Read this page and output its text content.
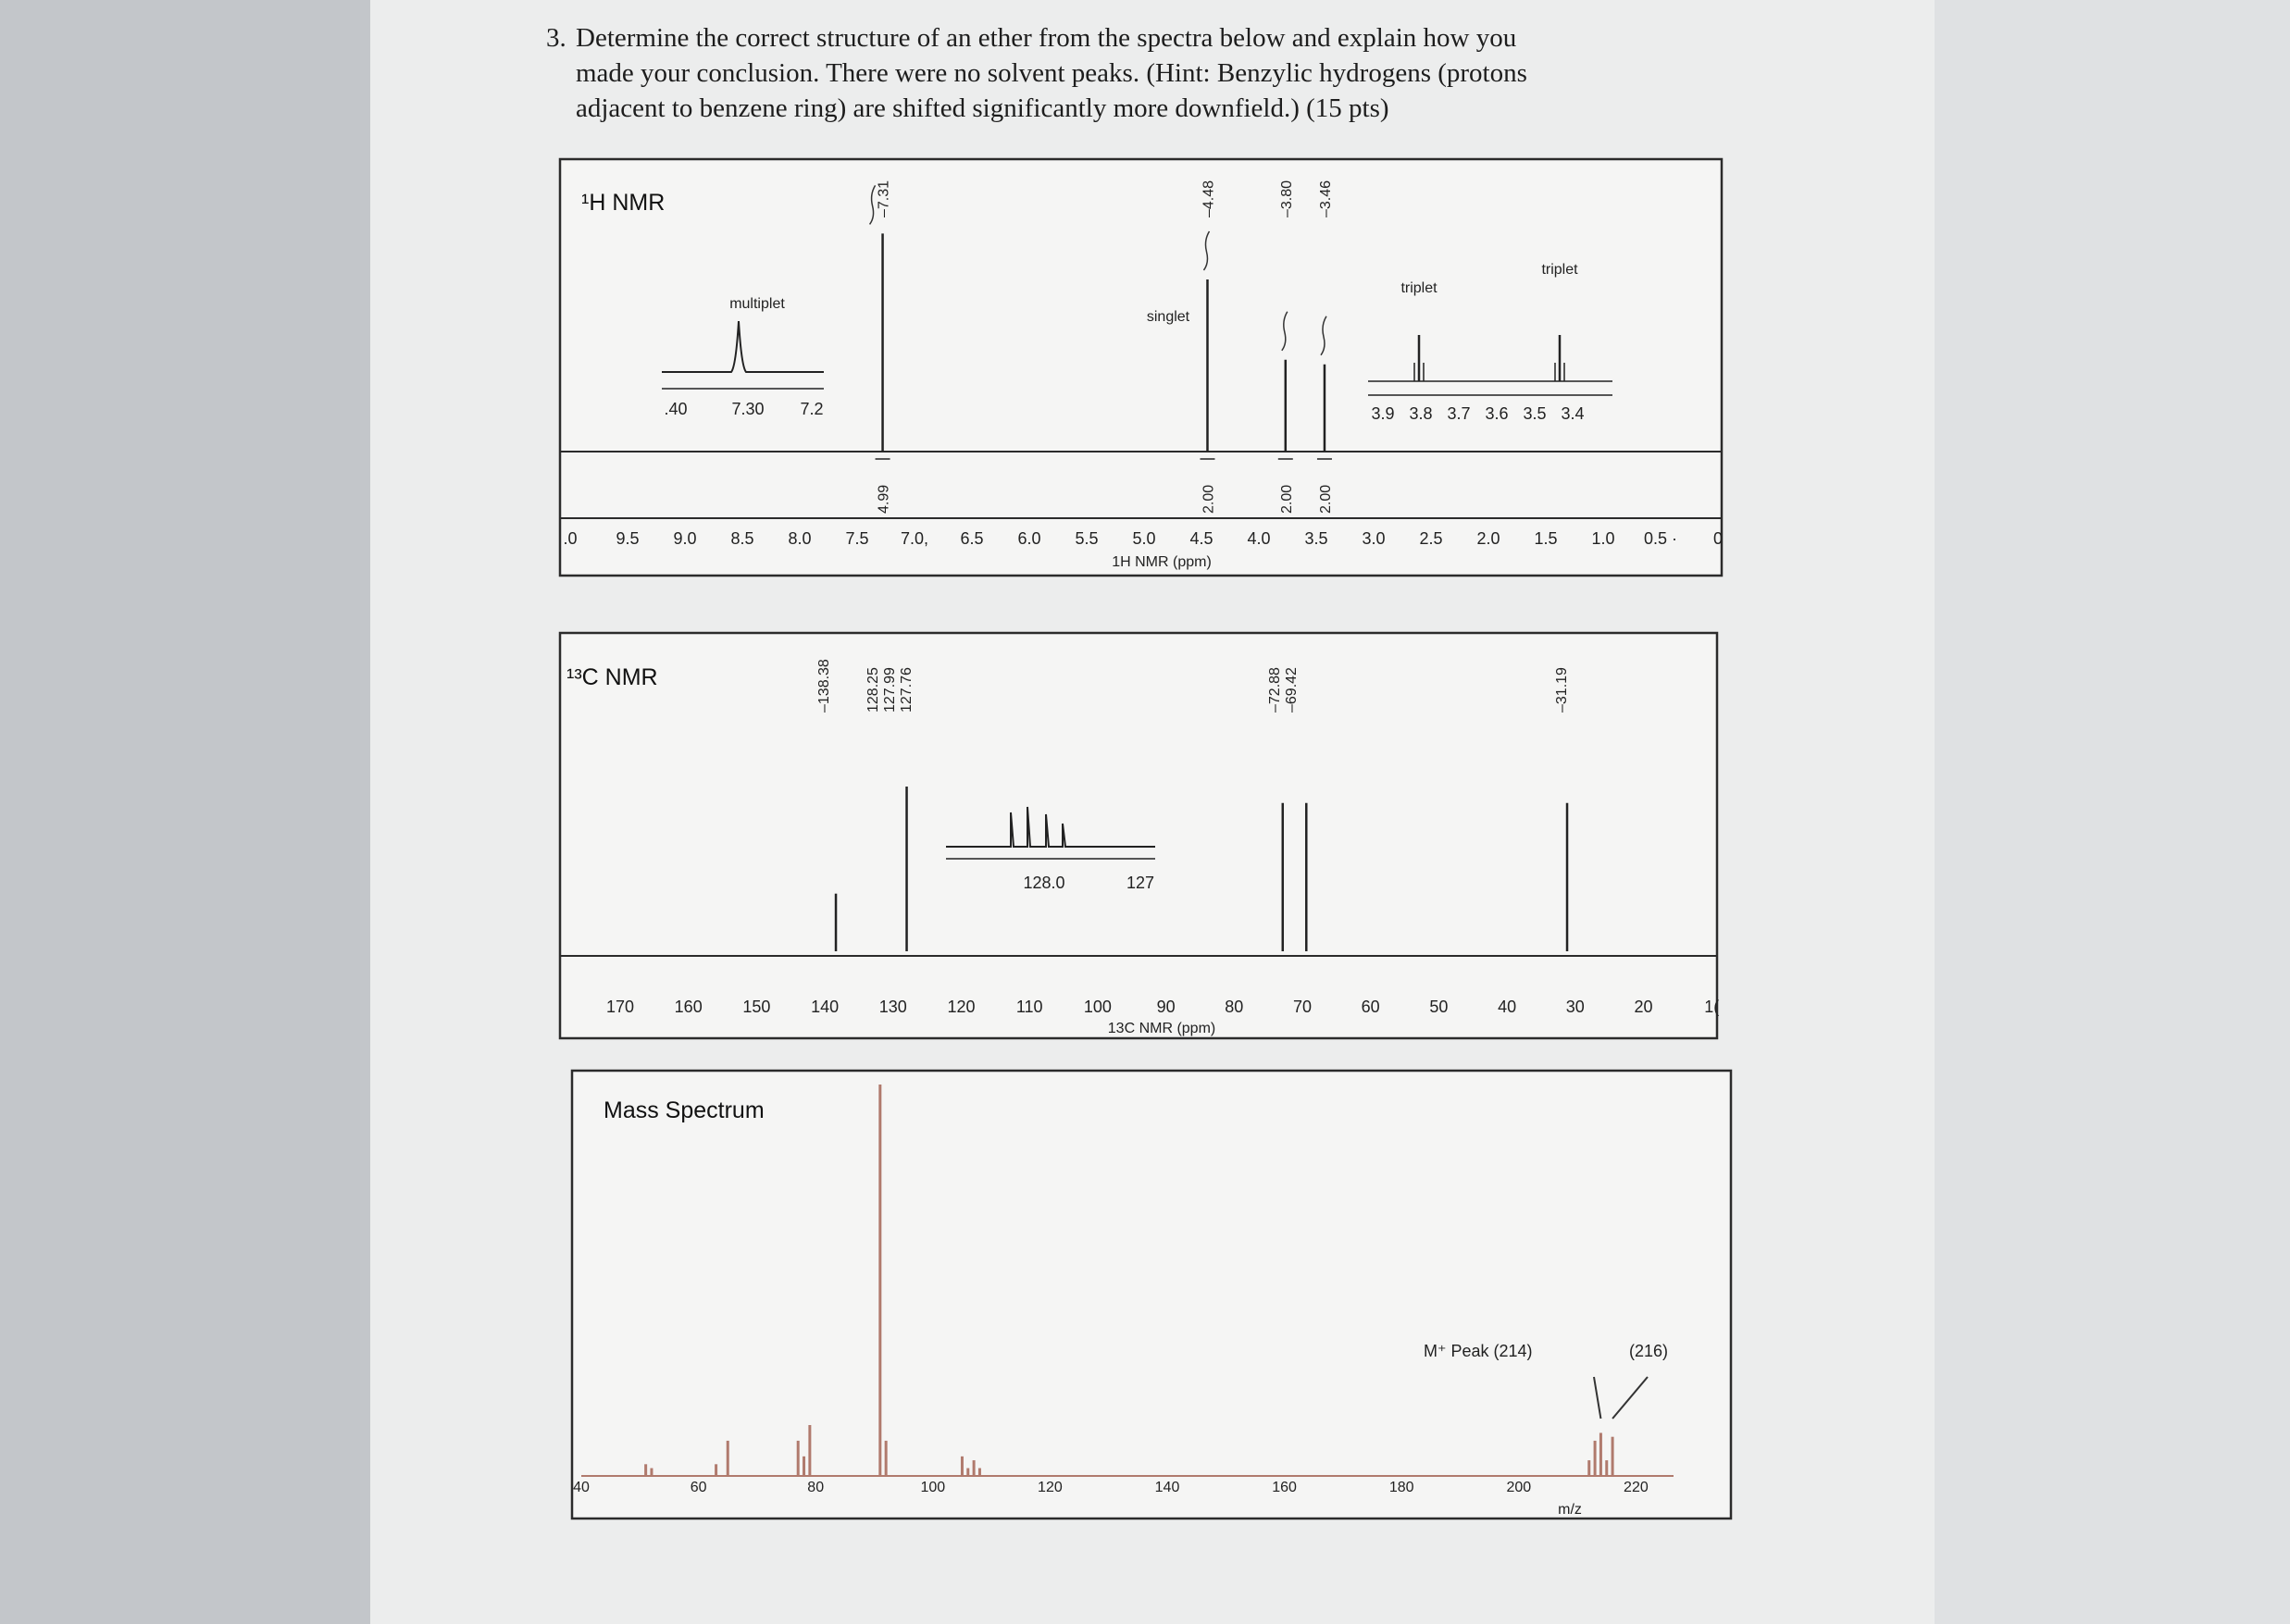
3. Determine the correct structure of an ether from the spectra below and explain how you
made your conclusion. There were no solvent peaks. (Hint: Benzylic hydrogens (protons
adjacent to benzene ring) are shifted significantly more downfield.) (15 pts)
¹H NMR
.0 9.5 9.0 8.5 8.0 7.5 7.0, 6.5 6.0 5.5 5.0 4.5 4.0 3.5 3.0 2.5 2.0 1.5 1.0 0.5 · 0
1H NMR (ppm)
–7.31
4.99
–4.48
2.00
–3.80
2.00
–3.46
2.00
singlet
multiplet
.40	7.30 7.2
triplet
triplet
3.9 3.8 3.7 3.6 3.5 3.4
¹³C NMR
170 160 150 140 130 120 110 100	90	80	70	60	50	40	30	20	1(
13C NMR (ppm)
–138.38 128.25 127.99 127.76	–72.88 –69.42	–31.19
128.0	127
Mass Spectrum
40	60	80	100	120	140	160	180	200	220
m/z
M⁺ Peak (214)	(216)
